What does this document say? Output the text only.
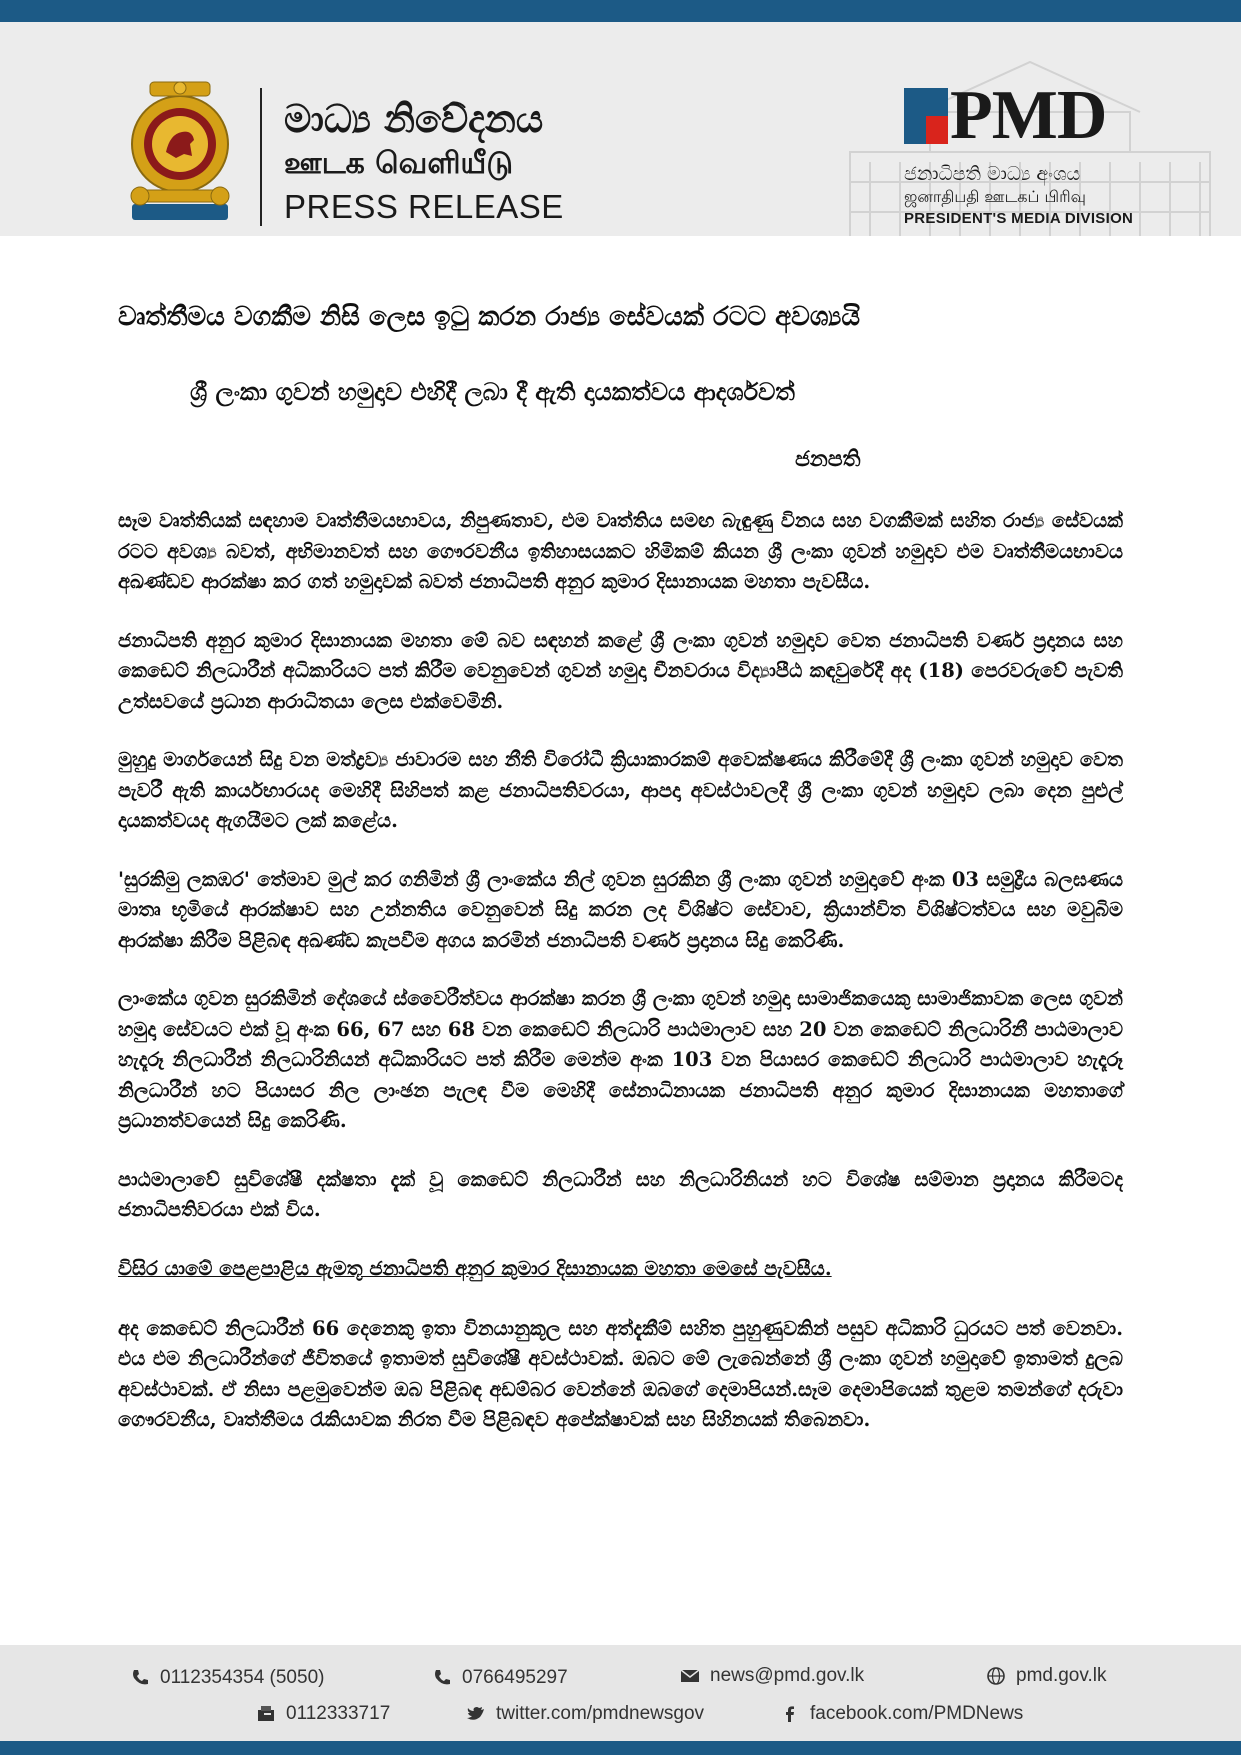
මාධ්‍ය නිවේදනය
ஊடக வெளியீடு
PRESS RELEASE
PMD
ජනාධිපති මාධ්‍ය අංශය
ஜனாதிபதி ஊடகப் பிரிவு
PRESIDENT'S MEDIA DIVISION
වෘත්තීමය වගකීම නිසි ලෙස ඉටු කරන රාජ්‍ය සේවයක් රටට අවශ්‍යයි
ශ්‍රී ලංකා ගුවන් හමුදාව එහිදී ලබා දී ඇති දායකත්වය ආදර්ශවත්
ජනපති

සෑම වෘත්තියක් සඳහාම වෘත්තීමයභාවය, නිපුණතාව, එම වෘත්තිය සමඟ බැඳුණු විනය සහ වගකීමක් සහිත රාජ්‍ය සේවයක් රටට අවශ්‍ය බවත්, අභිමානවත් සහ ගෞරවනීය ඉතිහාසයකට හිමිකම් කියන ශ්‍රී ලංකා ගුවන් හමුදාව එම වෘත්තීමයභාවය අඛණ්ඩව ආරක්ෂා කර ගත් හමුදාවක් බවත් ජනාධිපති අනුර කුමාර දිසානායක මහතා පැවසීය.

ජනාධිපති අනුර කුමාර දිසානායක මහතා මේ බව සඳහන් කළේ ශ්‍රී ලංකා ගුවන් හමුදාව වෙත ජනාධිපති වර්ණ ප්‍රදානය සහ කෙඩෙට් නිලධාරීන් අධිකාරියට පත් කිරීම වෙනුවෙන් ගුවන් හමුදා චීනවරාය විද්‍යාපීඨ කඳවුරේදී අද (18) පෙරවරුවේ පැවති උත්සවයේ ප්‍රධාන ආරාධිතයා ලෙස එක්වෙමිනි.

මුහුදු මාර්ගයෙන් සිදු වන මත්ද්‍රව්‍ය ජාවාරම සහ නීති විරෝධී ක්‍රියාකාරකම් අවෙක්ෂණය කිරීමේදී ශ්‍රී ලංකා ගුවන් හමුදාව වෙත පැවරී ඇති කාර්යභාරයද මෙහිදී සිහිපත් කළ ජනාධිපතිවරයා, ආපදා අවස්ථාවලදී ශ්‍රී ලංකා ගුවන් හමුදාව ලබා දෙන පුළුල් දායකත්වයද ඇගයීමට ලක් කළේය.

'සුරකිමු ලකඹර' තේමාව මුල් කර ගනිමින් ශ්‍රී ලාංකේය නිල් ගුවන සුරකින ශ්‍රී ලංකා ගුවන් හමුදාවේ අංක 03 සමුද්‍රීය බලඝණය මාතෘ භූමියේ ආරක්ෂාව සහ උන්නතිය වෙනුවෙන් සිදු කරන ලද විශිෂ්ට සේවාව, ක්‍රියාන්විත විශිෂ්ටත්වය සහ මවුබිම ආරක්ෂා කිරීම පිළිබඳ අඛණ්ඩ කැපවීම අගය කරමින් ජනාධිපති වර්ණ ප්‍රදානය සිදු කෙරිණි.

ලාංකේය ගුවන සුරකිමින් දේශයේ ස්වෛරීත්වය ආරක්ෂා කරන ශ්‍රී ලංකා ගුවන් හමුදා සාමාජිකයෙකු සාමාජිකාවක ලෙස ගුවන් හමුදා සේවයට එක් වූ අංක 66, 67 සහ 68 වන කෙඩෙට් නිලධාරි පාඨමාලාව සහ 20 වන කෙඩෙට් නිලධාරිනී පාඨමාලාව හැදෑරූ නිලධාරීන් නිලධාරිනියන් අධිකාරියට පත් කිරීම මෙන්ම අංක 103 වන පියාසර කෙඩෙට් නිලධාරි පාඨමාලාව හැදෑරූ නිලධාරීන් හට පියාසර නිල ලාංඡන පැලඳ වීම මෙහිදී සේනාධිනායක ජනාධිපති අනුර කුමාර දිසානායක මහතාගේ ප්‍රධානත්වයෙන් සිදු කෙරිණි.

පාඨමාලාවේ සුවිශේෂී දක්ෂතා දැක් වූ කෙඩෙට් නිලධාරීන් සහ නිලධාරිනියන් හට විශේෂ සම්මාන ප්‍රදානය කිරීමටද ජනාධිපතිවරයා එක් විය.

විසිර යාමේ පෙළපාළිය ඇමතූ ජනාධිපති අනුර කුමාර දිසානායක මහතා මෙසේ පැවසීය.

අද කෙඩෙට් නිලධාරීන් 66 දෙනෙකු ඉතා විනයානුකූල සහ අත්දැකීම් සහිත පුහුණුවකින් පසුව අධිකාරි ධුරයට පත් වෙනවා. එය එම නිලධාරීන්ගේ ජීවිතයේ ඉතාමත් සුවිශේෂී අවස්ථාවක්. ඔබට මේ ලැබෙන්නේ ශ්‍රී ලංකා ගුවන් හමුදාවේ ඉතාමත් දුලබ අවස්ථාවක්. ඒ නිසා පළමුවෙන්ම ඔබ පිළිබඳ අඩම්බර වෙන්නේ ඔබගේ දෙමාපියන්.සෑම දෙමාපියෙක් තුළම තමන්ගේ දරුවා ගෞරවනීය, වෘත්තීමය රැකියාවක නිරත වීම පිළිබඳව අපේක්ෂාවක් සහ සිහිනයක් තිබෙනවා.

0112354354 (5050)	0766495297	news@pmd.gov.lk	pmd.gov.lk
0112333717	twitter.com/pmdnewsgov	facebook.com/PMDNews
